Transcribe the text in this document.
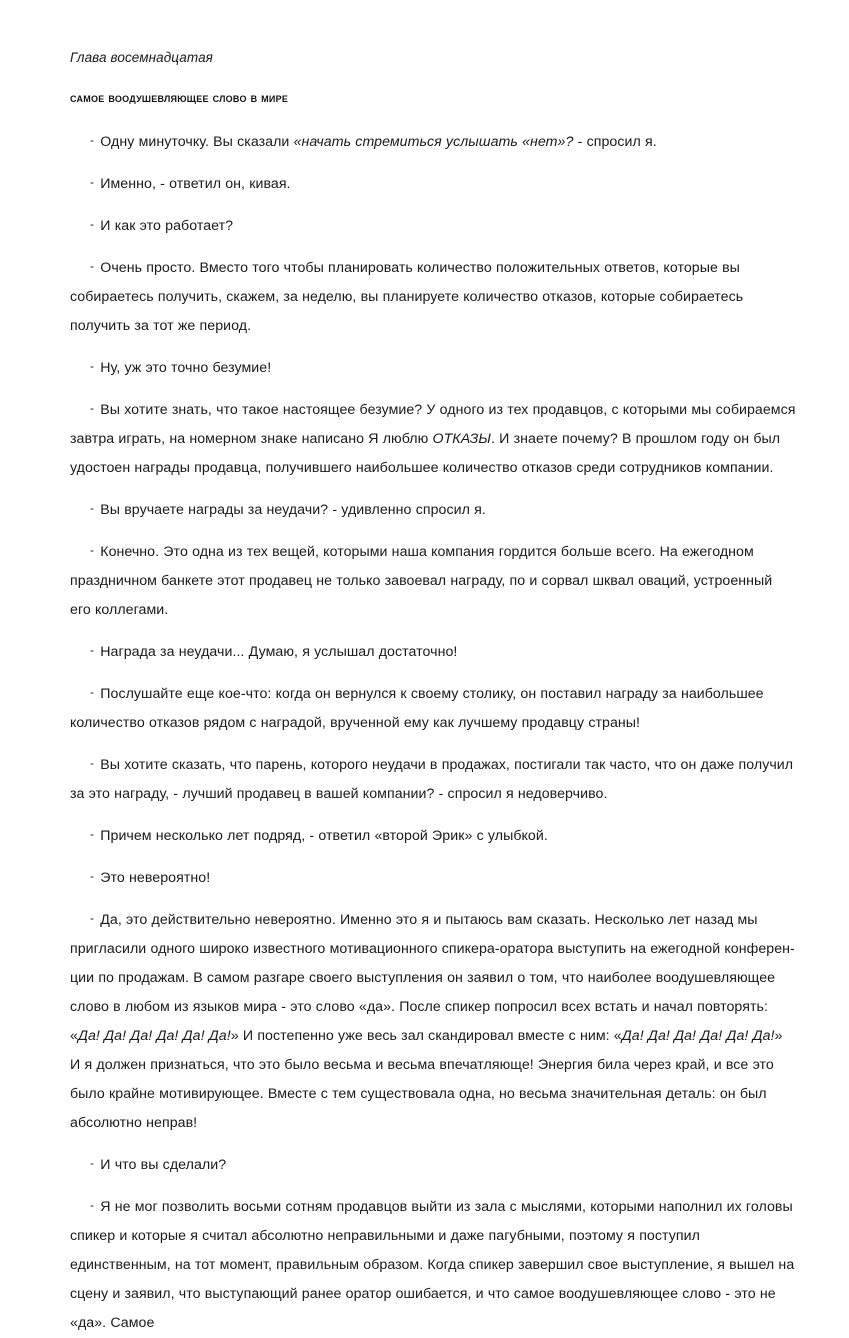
Глава восемнадцатая
самое воодушевляющее слово в мире
- Одну минуточку. Вы сказали «начать стремиться услышать «нет»? - спросил я.
- Именно, - ответил он, кивая.
- И как это работает?
- Очень просто. Вместо того чтобы планировать количество положительных ответов, которые вы собираетесь получить, скажем, за неделю, вы планируете количество отказов, которые собираетесь получить за тот же период.
- Ну, уж это точно безумие!
- Вы хотите знать, что такое настоящее безумие? У одного из тех продавцов, с которыми мы собираемся завтра играть, на номерном знаке написано Я люблю ОТКАЗЫ. И знаете почему? В прошлом году он был удостоен награды продавца, получившего наибольшее количество отказов среди сотрудников компании.
- Вы вручаете награды за неудачи? - удивленно спросил я.
- Конечно. Это одна из тех вещей, которыми наша компания гордится больше всего. На ежегодном праздничном банкете этот продавец не только завоевал награду, по и сорвал шквал оваций, устроенный его коллегами.
- Награда за неудачи... Думаю, я услышал достаточно!
- Послушайте еще кое-что: когда он вернулся к своему столику, он поставил награду за наибольшее количество отказов рядом с наградой, врученной ему как лучшему продавцу страны!
- Вы хотите сказать, что парень, которого неудачи в продажах, постигали так часто, что он даже получил за это награду, - лучший продавец в вашей компании? - спросил я недоверчиво.
- Причем несколько лет подряд, - ответил «второй Эрик» с улыбкой.
- Это невероятно!
- Да, это действительно невероятно. Именно это я и пытаюсь вам сказать. Несколько лет назад мы пригласили одного широко известного мотивационного спикера-оратора выступить на ежегодной конферен-ции по продажам. В самом разгаре своего выступления он заявил о том, что наиболее воодушевляющее слово в любом из языков мира - это слово «да». После спикер попросил всех встать и начал повторять: «Да! Да! Да! Да! Да! Да!» И постепенно уже весь зал скандировал вместе с ним: «Да! Да! Да! Да! Да! Да!» И я должен признаться, что это было весьма и весьма впечатляюще! Энергия била через край, и все это было крайне мотивирующее. Вместе с тем существовала одна, но весьма значительная деталь: он был абсолютно неправ!
- И что вы сделали?
- Я не мог позволить восьми сотням продавцов выйти из зала с мыслями, которыми наполнил их головы спикер и которые я считал абсолютно неправильными и даже пагубными, поэтому я поступил единственным, на тот момент, правильным образом. Когда спикер завершил свое выступление, я вышел на сцену и заявил, что выступающий ранее оратор ошибается, и что самое воодушевляющее слово - это не «да». Самое
